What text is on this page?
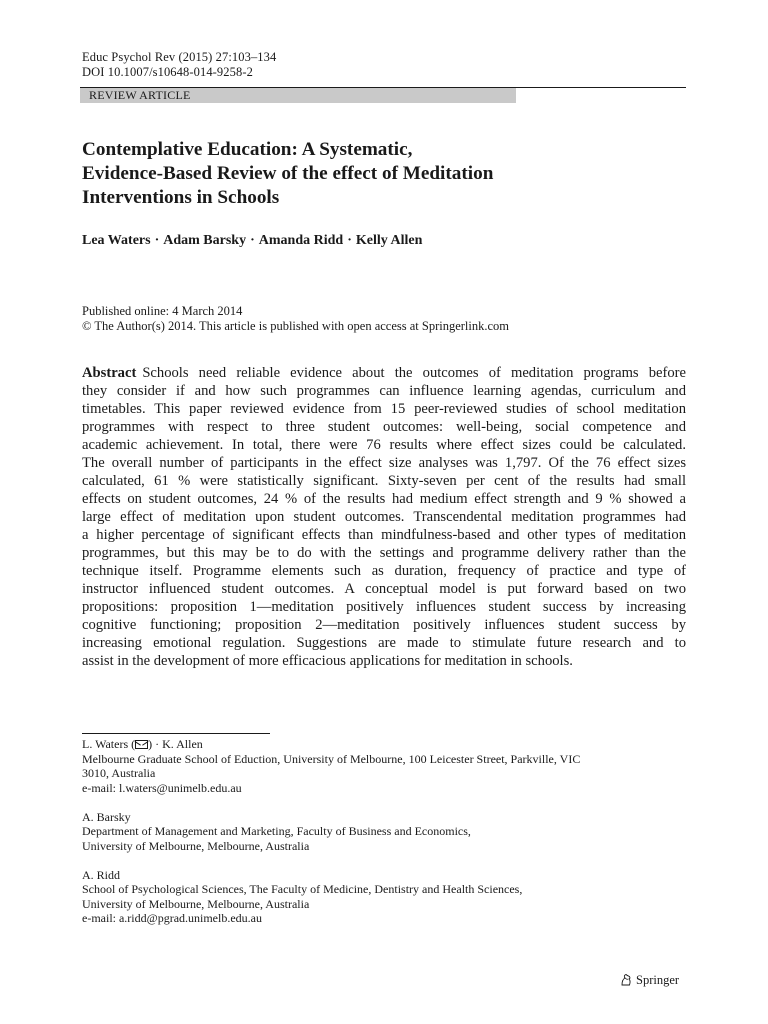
Educ Psychol Rev (2015) 27:103–134
DOI 10.1007/s10648-014-9258-2
REVIEW ARTICLE
Contemplative Education: A Systematic,
Evidence-Based Review of the effect of Meditation
Interventions in Schools
Lea Waters · Adam Barsky · Amanda Ridd · Kelly Allen
Published online: 4 March 2014
© The Author(s) 2014. This article is published with open access at Springerlink.com
Abstract Schools need reliable evidence about the outcomes of meditation programs before
they consider if and how such programmes can influence learning agendas, curriculum and
timetables. This paper reviewed evidence from 15 peer-reviewed studies of school meditation
programmes with respect to three student outcomes: well-being, social competence and
academic achievement. In total, there were 76 results where effect sizes could be calculated.
The overall number of participants in the effect size analyses was 1,797. Of the 76 effect sizes
calculated, 61 % were statistically significant. Sixty-seven per cent of the results had small
effects on student outcomes, 24 % of the results had medium effect strength and 9 % showed a
large effect of meditation upon student outcomes. Transcendental meditation programmes had
a higher percentage of significant effects than mindfulness-based and other types of meditation
programmes, but this may be to do with the settings and programme delivery rather than the
technique itself. Programme elements such as duration, frequency of practice and type of
instructor influenced student outcomes. A conceptual model is put forward based on two
propositions: proposition 1—meditation positively influences student success by increasing
cognitive functioning; proposition 2—meditation positively influences student success by
increasing emotional regulation. Suggestions are made to stimulate future research and to
assist in the development of more efficacious applications for meditation in schools.
L. Waters ( ) · K. Allen
Melbourne Graduate School of Eduction, University of Melbourne, 100 Leicester Street, Parkville, VIC
3010, Australia
e-mail: l.waters@unimelb.edu.au
A. Barsky
Department of Management and Marketing, Faculty of Business and Economics,
University of Melbourne, Melbourne, Australia
A. Ridd
School of Psychological Sciences, The Faculty of Medicine, Dentistry and Health Sciences,
University of Melbourne, Melbourne, Australia
e-mail: a.ridd@pgrad.unimelb.edu.au
Springer
